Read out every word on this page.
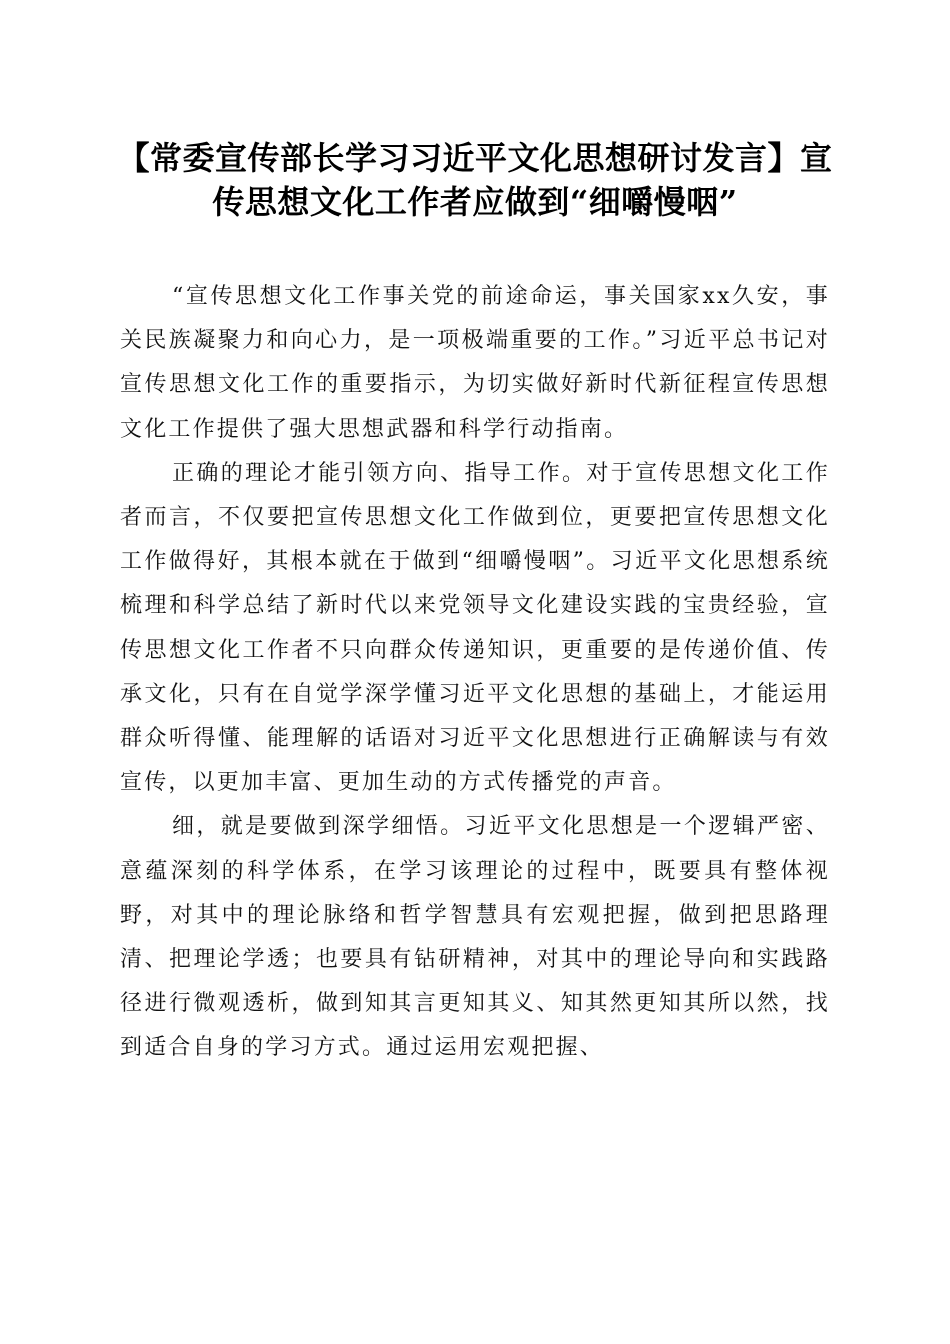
【常委宣传部长学习习近平文化思想研讨发言】宣传思想文化工作者应做到“细嚼慢咽”

“宣传思想文化工作事关党的前途命运，事关国家xx久安，事关民族凝聚力和向心力，是一项极端重要的工作。”习近平总书记对宣传思想文化工作的重要指示，为切实做好新时代新征程宣传思想文化工作提供了强大思想武器和科学行动指南。

正确的理论才能引领方向、指导工作。对于宣传思想文化工作者而言，不仅要把宣传思想文化工作做到位，更要把宣传思想文化工作做得好，其根本就在于做到“细嚼慢咽”。习近平文化思想系统梳理和科学总结了新时代以来党领导文化建设实践的宝贵经验，宣传思想文化工作者不只向群众传递知识，更重要的是传递价值、传承文化，只有在自觉学深学懂习近平文化思想的基础上，才能运用群众听得懂、能理解的话语对习近平文化思想进行正确解读与有效宣传，以更加丰富、更加生动的方式传播党的声音。

细，就是要做到深学细悟。习近平文化思想是一个逻辑严密、意蕴深刻的科学体系，在学习该理论的过程中，既要具有整体视野，对其中的理论脉络和哲学智慧具有宏观把握，做到把思路理清、把理论学透；也要具有钻研精神，对其中的理论导向和实践路径进行微观透析，做到知其言更知其义、知其然更知其所以然，找到适合自身的学习方式。通过运用宏观把握、
